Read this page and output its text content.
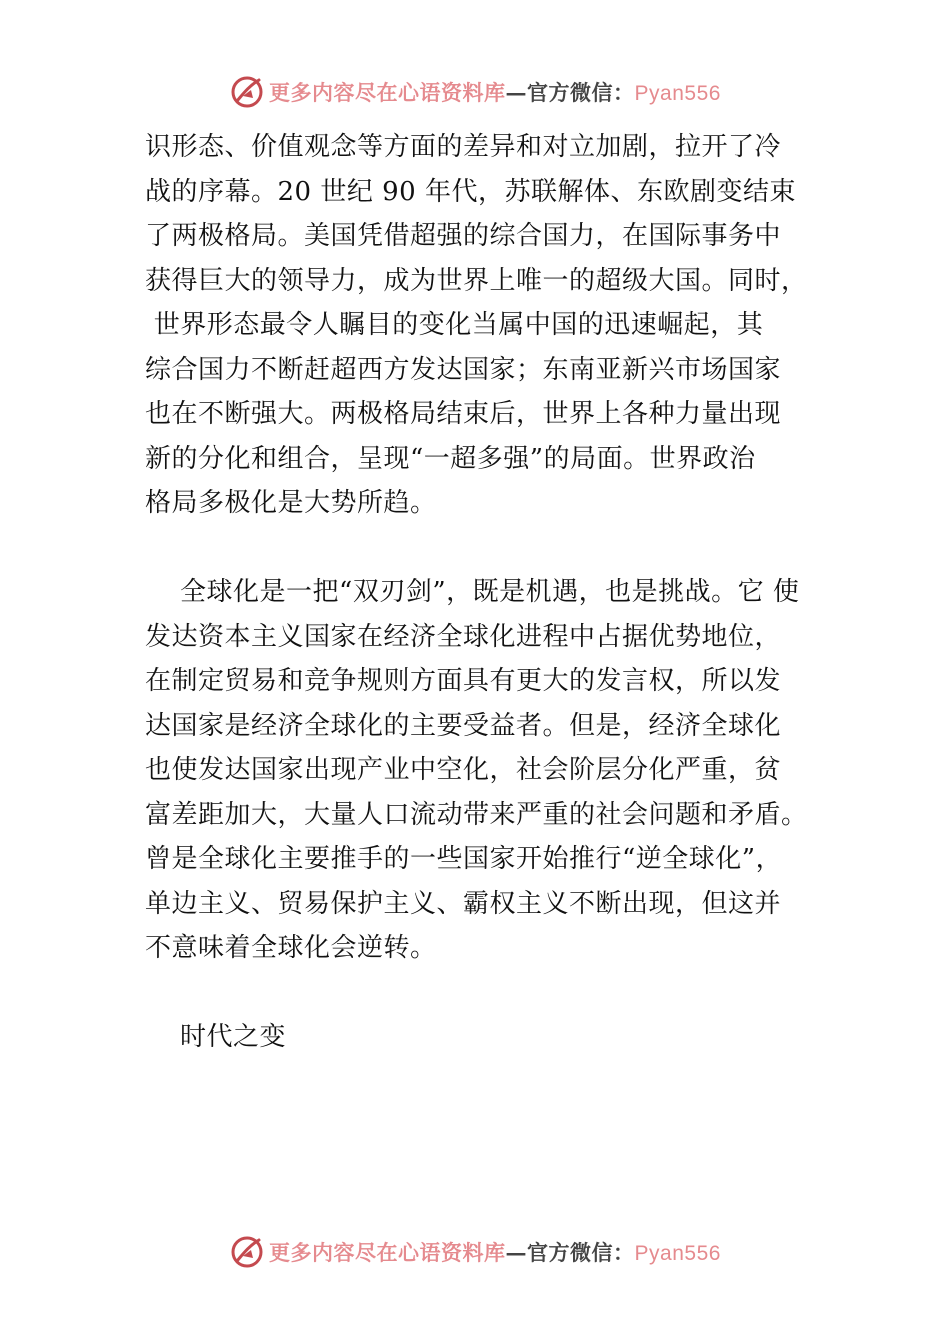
更多内容尽在心语资料库—官方微信：Pyan556
识形态、价值观念等方面的差异和对立加剧，拉开了冷
战的序幕。20 世纪 90 年代，苏联解体、东欧剧变结束
了两极格局。美国凭借超强的综合国力，在国际事务中
获得巨大的领导力，成为世界上唯一的超级大国。同时，
世界形态最令人瞩目的变化当属中国的迅速崛起，其
综合国力不断赶超西方发达国家；东南亚新兴市场国家
也在不断强大。两极格局结束后，世界上各种力量出现
新的分化和组合，呈现“一超多强”的局面。世界政治
格局多极化是大势所趋。
全球化是一把“双刃剑”，既是机遇，也是挑战。它 使
发达资本主义国家在经济全球化进程中占据优势地位，
在制定贸易和竞争规则方面具有更大的发言权，所以发
达国家是经济全球化的主要受益者。但是，经济全球化
也使发达国家出现产业中空化，社会阶层分化严重，贫
富差距加大，大量人口流动带来严重的社会问题和矛盾。
曾是全球化主要推手的一些国家开始推行“逆全球化”，
单边主义、贸易保护主义、霸权主义不断出现，但这并
不意味着全球化会逆转。
时代之变
更多内容尽在心语资料库—官方微信：Pyan556
